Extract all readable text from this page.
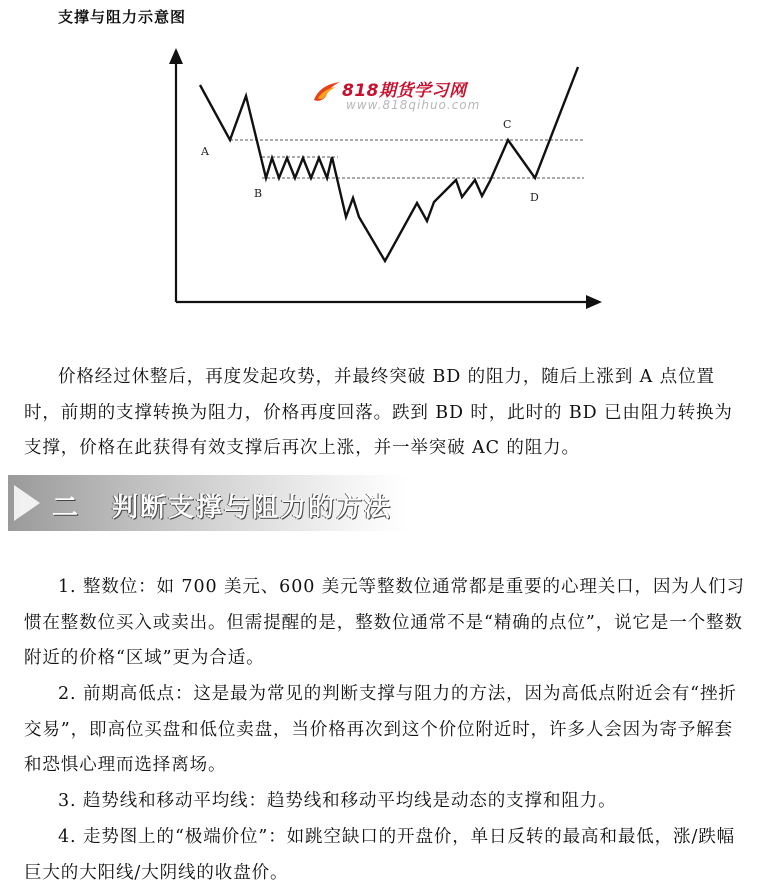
支撑与阻力示意图
A
B
C
D
818期货学习网
www.818qihuo.com

价格经过休整后，再度发起攻势，并最终突破 BD 的阻力，随后上涨到 A 点位置时，前期的支撑转换为阻力，价格再度回落。跌到 BD 时，此时的 BD 已由阻力转换为支撑，价格在此获得有效支撑后再次上涨，并一举突破 AC 的阻力。

二 判断支撑与阻力的方法

1. 整数位：如 700 美元、600 美元等整数位通常都是重要的心理关口，因为人们习惯在整数位买入或卖出。但需提醒的是，整数位通常不是“精确的点位”，说它是一个整数附近的价格“区域”更为合适。

2. 前期高低点：这是最为常见的判断支撑与阻力的方法，因为高低点附近会有“挫折交易”，即高位买盘和低位卖盘，当价格再次到这个价位附近时，许多人会因为寄予解套和恐惧心理而选择离场。

3. 趋势线和移动平均线：趋势线和移动平均线是动态的支撑和阻力。

4. 走势图上的“极端价位”：如跳空缺口的开盘价，单日反转的最高和最低，涨/跌幅巨大的大阳线/大阴线的收盘价。
